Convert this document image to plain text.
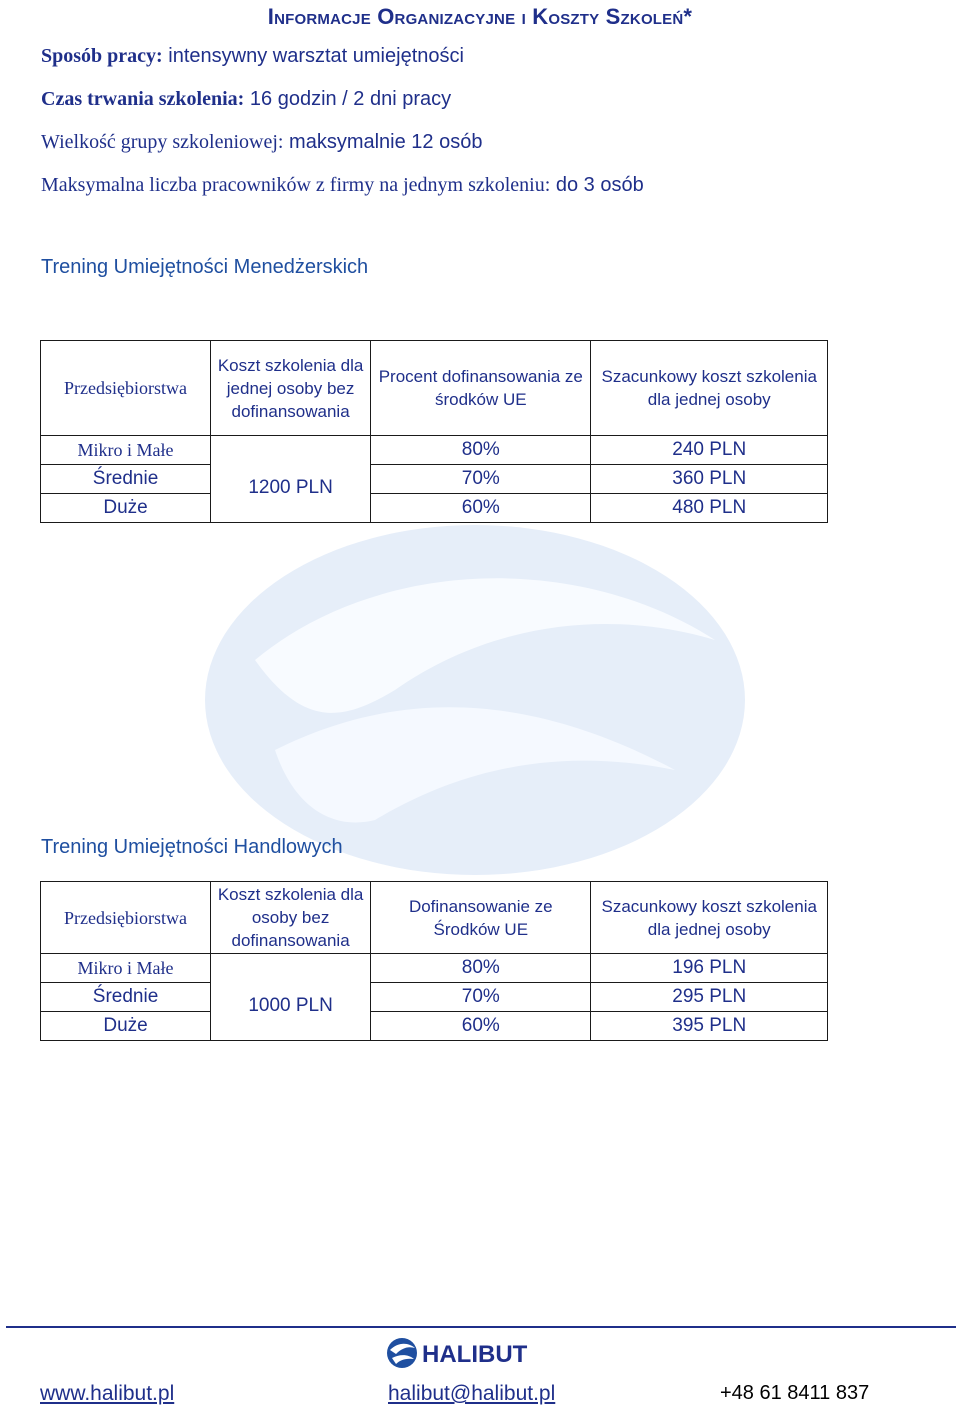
Informacje Organizacyjne i Koszty Szkoleń*
Sposób pracy: intensywny warsztat umiejętności
Czas trwania szkolenia: 16 godzin / 2 dni pracy
Wielkość grupy szkoleniowej: maksymalnie 12 osób
Maksymalna liczba pracowników z firmy na jednym szkoleniu: do 3 osób
Trening Umiejętności Menedżerskich
Przedsiębiorstwa	Koszt szkolenia dla jednej osoby bez dofinansowania	Procent dofinansowania ze środków UE	Szacunkowy koszt szkolenia dla jednej osoby
Mikro i Małe	1200 PLN	80%	240 PLN
Średnie		70%	360 PLN
Duże		60%	480 PLN
Trening Umiejętności Handlowych
Przedsiębiorstwa	Koszt szkolenia dla osoby bez dofinansowania	Dofinansowanie ze Środków UE	Szacunkowy koszt szkolenia dla jednej osoby
Mikro i Małe	1000 PLN	80%	196 PLN
Średnie		70%	295 PLN
Duże		60%	395 PLN
HALIBUT
www.halibut.pl	halibut@halibut.pl	+48 61 8411 837
